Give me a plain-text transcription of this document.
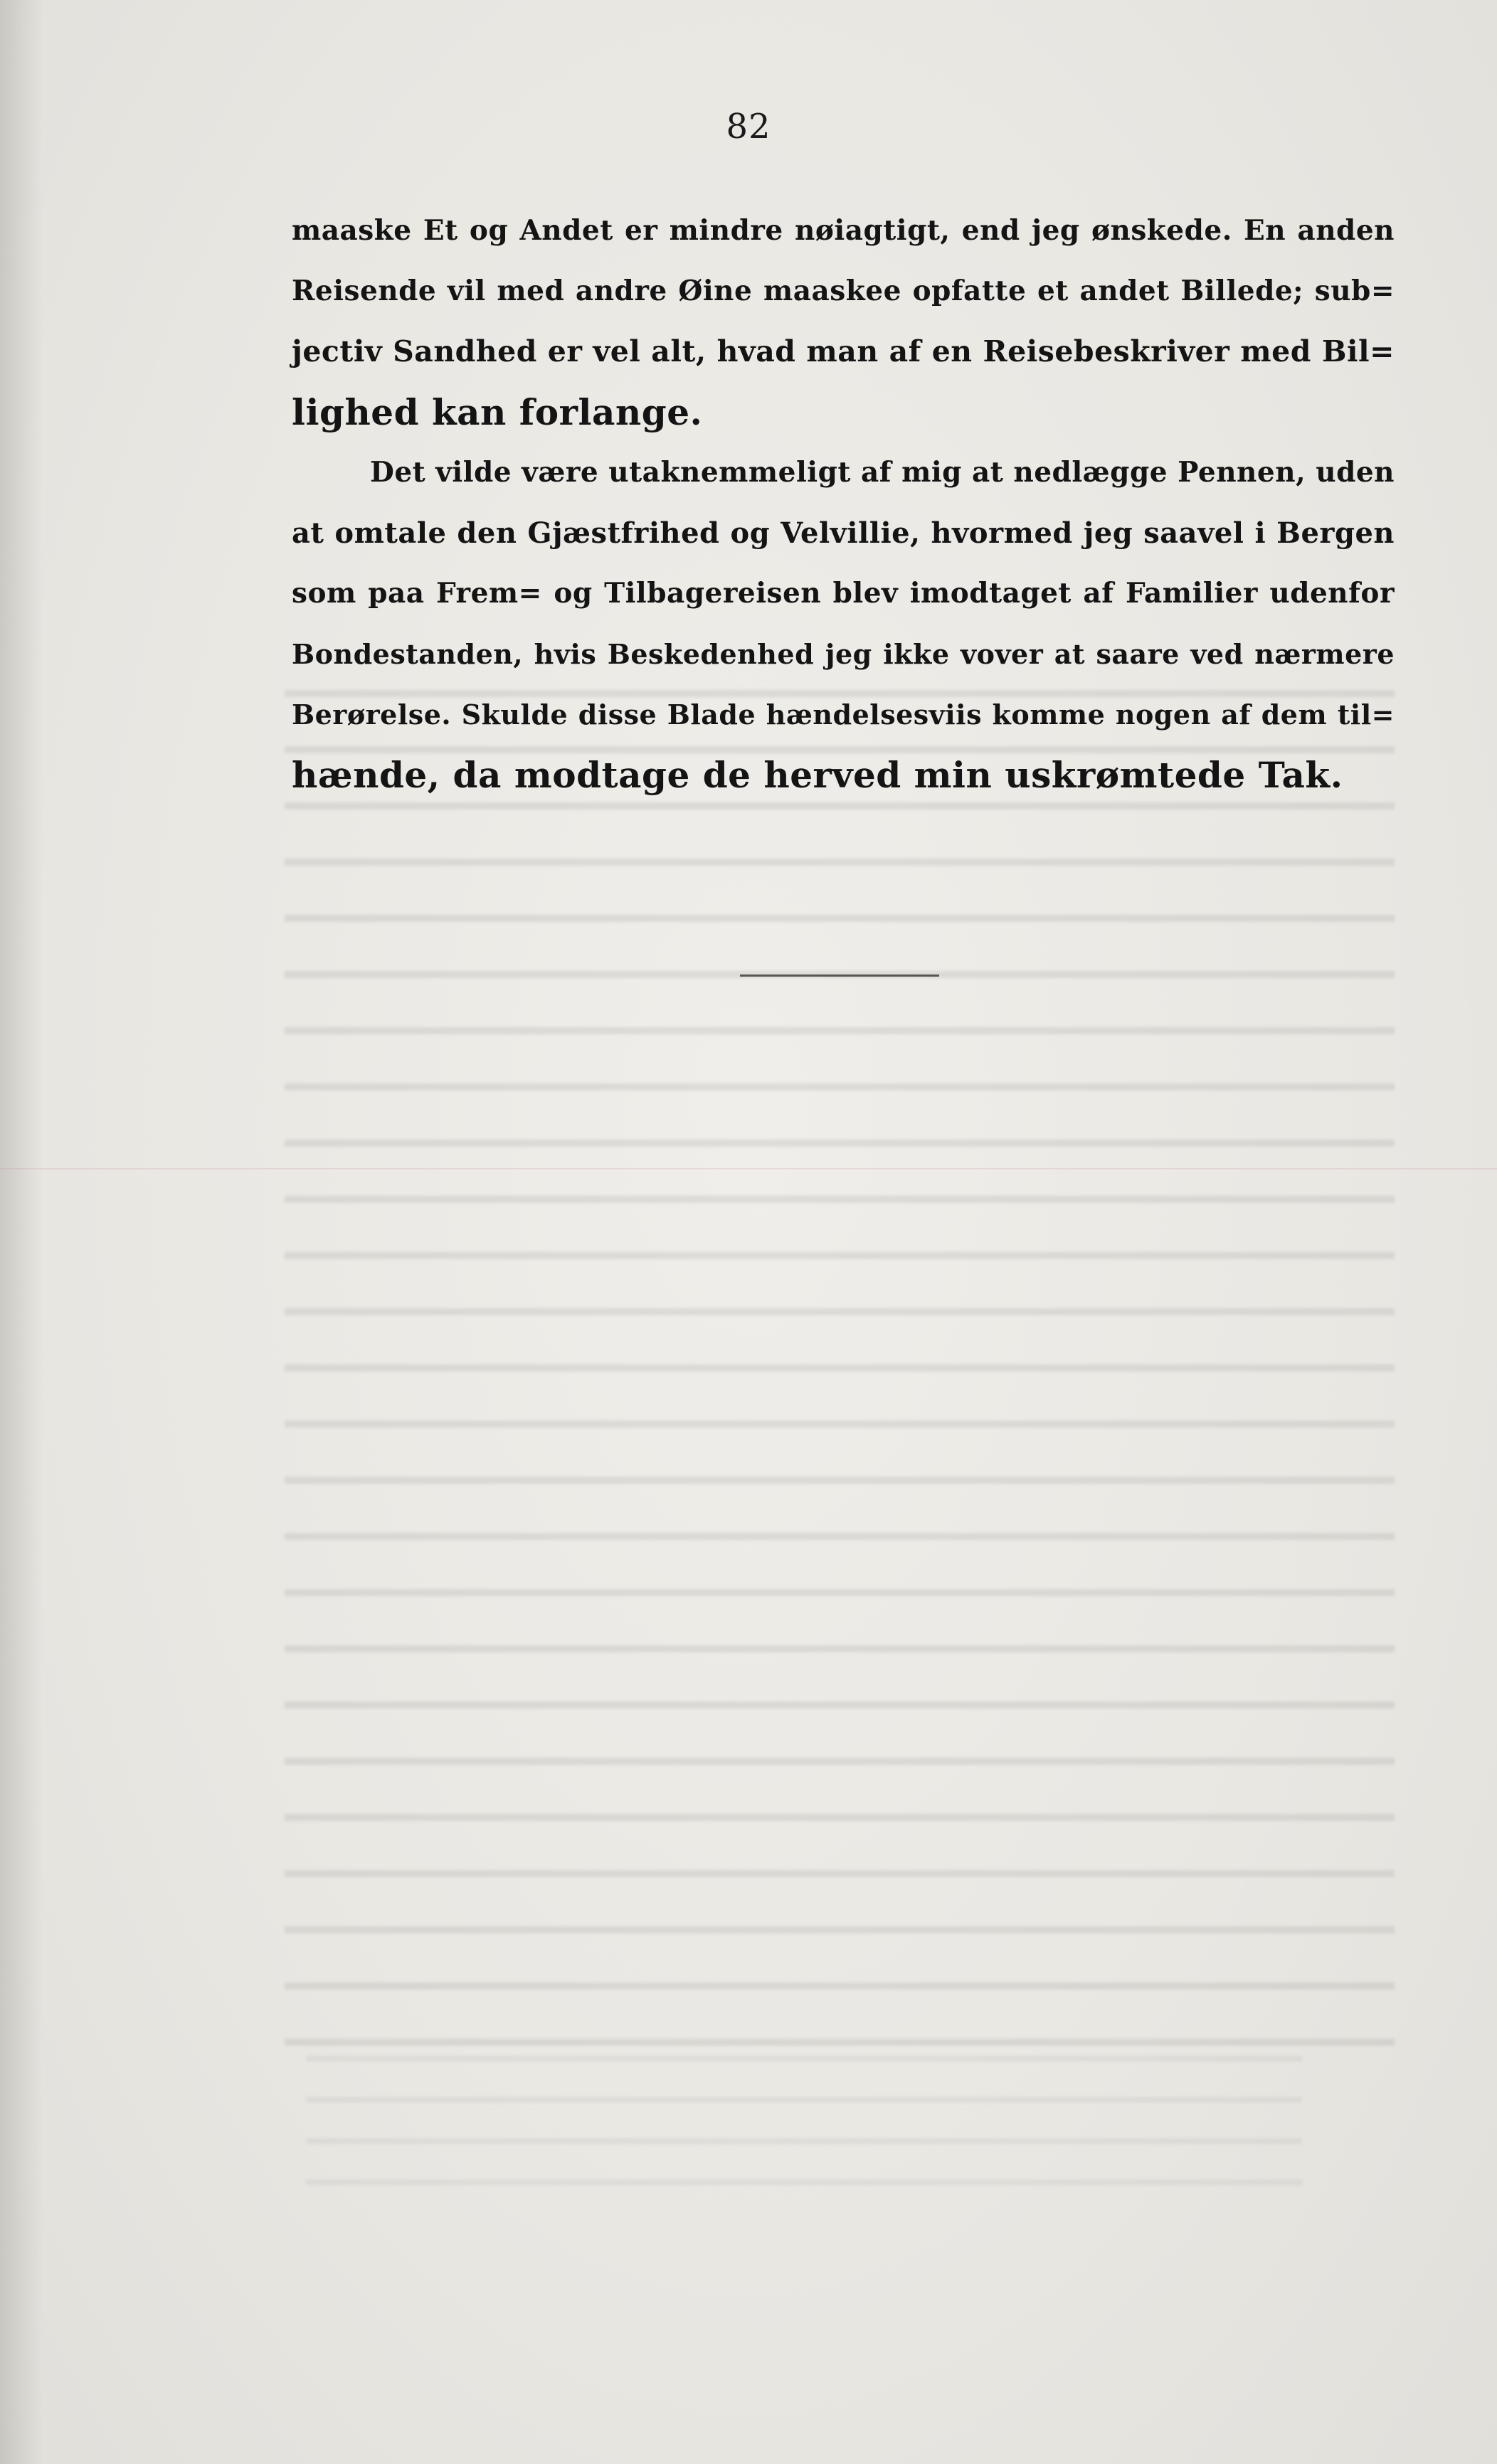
82
maaske Et og Andet er mindre nøiagtigt, end jeg ønskede. En anden
Reisende vil med andre Øine maaskee opfatte et andet Billede; sub=
jectiv Sandhed er vel alt, hvad man af en Reisebeskriver med Bil=
lighed kan forlange.
Det vilde være utaknemmeligt af mig at nedlægge Pennen, uden
at omtale den Gjæstfrihed og Velvillie, hvormed jeg saavel i Bergen
som paa Frem= og Tilbagereisen blev imodtaget af Familier udenfor
Bondestanden, hvis Beskedenhed jeg ikke vover at saare ved nærmere
Berørelse. Skulde disse Blade hændelsesviis komme nogen af dem til=
hænde, da modtage de herved min uskrømtede Tak.
